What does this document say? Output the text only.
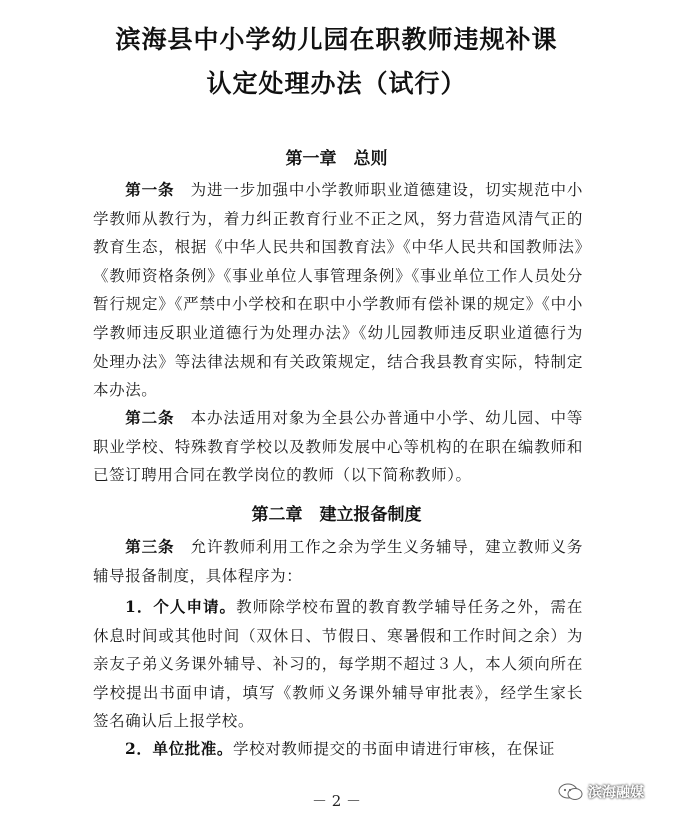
滨海县中小学幼儿园在职教师违规补课
认定处理办法（试行）
第一章　总则
第一条　为进一步加强中小学教师职业道德建设，切实规范中小学教师从教行为，着力纠正教育行业不正之风，努力营造风清气正的教育生态，根据《中华人民共和国教育法》《中华人民共和国教师法》《教师资格条例》《事业单位人事管理条例》《事业单位工作人员处分暂行规定》《严禁中小学校和在职中小学教师有偿补课的规定》《中小学教师违反职业道德行为处理办法》《幼儿园教师违反职业道德行为处理办法》等法律法规和有关政策规定，结合我县教育实际，特制定本办法。
第二条　本办法适用对象为全县公办普通中小学、幼儿园、中等职业学校、特殊教育学校以及教师发展中心等机构的在职在编教师和已签订聘用合同在教学岗位的教师（以下简称教师）。
第二章　建立报备制度
第三条　允许教师利用工作之余为学生义务辅导，建立教师义务辅导报备制度，具体程序为：
1．个人申请。教师除学校布置的教育教学辅导任务之外，需在休息时间或其他时间（双休日、节假日、寒暑假和工作时间之余）为亲友子弟义务课外辅导、补习的，每学期不超过３人，本人须向所在学校提出书面申请，填写《教师义务课外辅导审批表》，经学生家长签名确认后上报学校。
2．单位批准。学校对教师提交的书面申请进行审核，在保证
－ 2 －	滨海融媒
